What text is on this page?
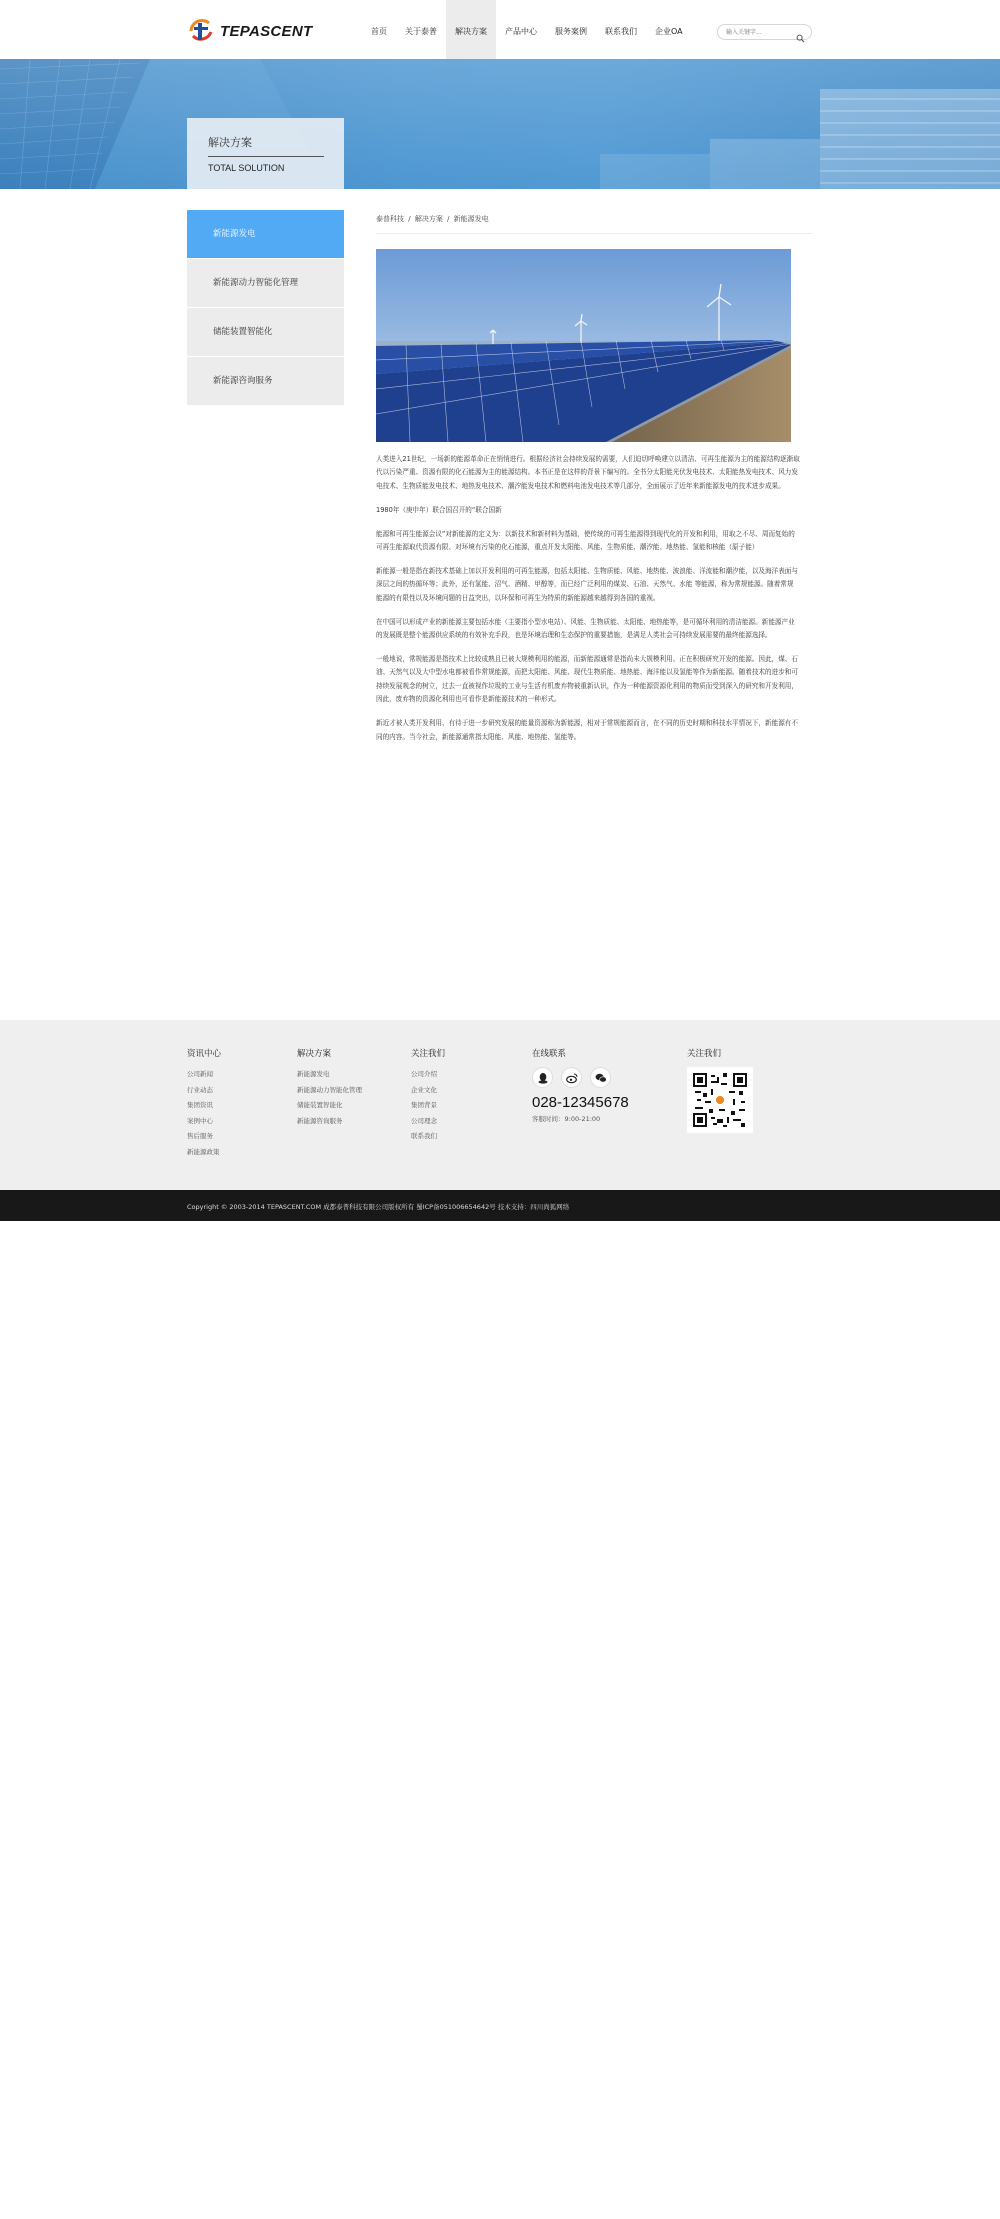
TEPASCENT	首页	关于泰普	解决方案	产品中心	服务案例	联系我们	企业OA
输入关键字...
解决方案
TOTAL SOLUTION
新能源发电
新能源动力智能化管理
储能装置智能化
新能源咨询服务
泰普科技 / 解决方案 / 新能源发电

人类进入21世纪，一场新的能源革命正在悄悄进行。根据经济社会持续发展的需要，人们迫切呼唤建立以清洁、可再生能源为主的能源结构逐渐取代以污染严重、资源有限的化石能源为主的能源结构。本书正是在这样的背景下编写的。全书分太阳能光伏发电技术、太阳能热发电技术、风力发电技术、生物质能发电技术、地热发电技术、潮汐能发电技术和燃料电池发电技术等几部分，全面展示了近年来新能源发电的技术进步成果。

1980年（庚申年）联合国召开的“联合国新

能源和可再生能源会议”对新能源的定义为：以新技术和新材料为基础，使传统的可再生能源得到现代化的开发和利用，用取之不尽、周而复始的可再生能源取代资源有限、对环境有污染的化石能源，重点开发太阳能、风能、生物质能、潮汐能、地热能、氢能和核能（原子能）

新能源一般是指在新技术基础上加以开发利用的可再生能源，包括太阳能、生物质能、风能、地热能、波浪能、洋流能和潮汐能，以及海洋表面与深层之间的热循环等；此外，还有氢能、沼气、酒精、甲醇等，而已经广泛利用的煤炭、石油、天然气、水能 等能源，称为常规能源。随着常规能源的有限性以及环境问题的日益突出，以环保和可再生为特质的新能源越来越得到各国的重视。

在中国可以形成产业的新能源主要包括水能（主要指小型水电站）、风能、生物质能、太阳能、地热能等，是可循环利用的清洁能源。新能源产业的发展既是整个能源供应系统的有效补充手段，也是环境治理和生态保护的重要措施，是满足人类社会可持续发展需要的最终能源选择。

一般地说，常规能源是指技术上比较成熟且已被大规模利用的能源，而新能源通常是指尚未大规模利用、正在积极研究开发的能源。因此，煤、石油、天然气以及大中型水电都被看作常规能源，而把太阳能、风能、现代生物质能、地热能、海洋能以及氢能等作为新能源。随着技术的进步和可持续发展观念的树立，过去一直被视作垃圾的工业与生活有机废弃物被重新认识，作为一种能源资源化利用的物质而受到深入的研究和开发利用，因此，废弃物的资源化利用也可看作是新能源技术的一种形式。

新近才被人类开发利用、有待于进一步研究发展的能量资源称为新能源，相对于常规能源而言，在不同的历史时期和科技水平情况下，新能源有不同的内容。当今社会，新能源通常指太阳能、风能、地热能、氢能等。

资讯中心
公司新闻
行业动态
集团资讯
案例中心
售后服务
新能源政策
解决方案
新能源发电
新能源动力智能化管理
储能装置智能化
新能源咨询服务
关注我们
公司介绍
企业文化
集团背景
公司理念
联系我们
在线联系
028-12345678
客服时间：9:00-21:00
关注我们
SHANGFOX尚狐
.COM
Copyright © 2003-2014 TEPASCENT.COM 成都泰普科技有限公司版权所有 蜀ICP备05100665464​2号 技术支持：四川尚狐网络
